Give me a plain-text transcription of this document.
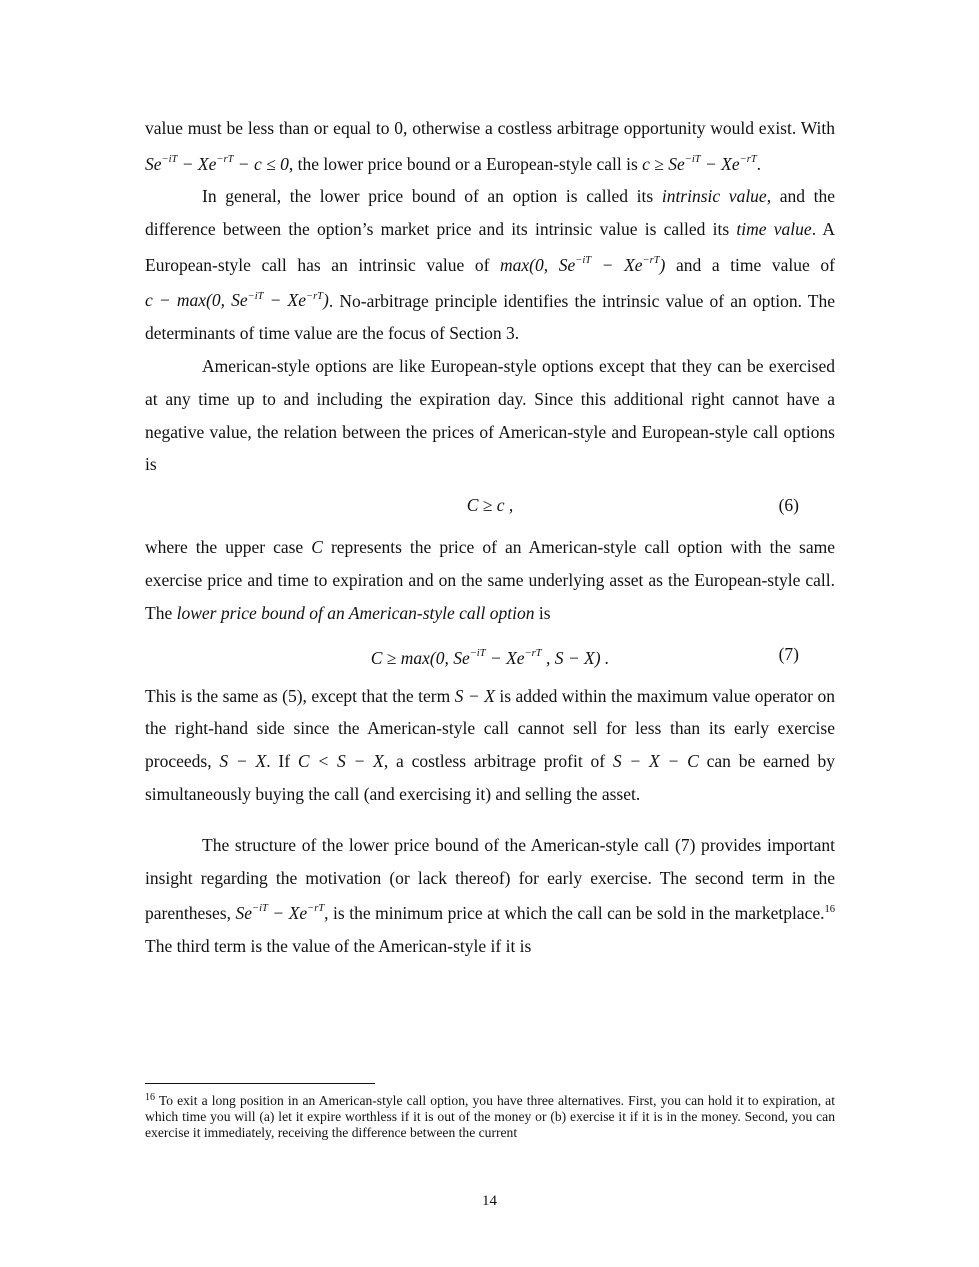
value must be less than or equal to 0, otherwise a costless arbitrage opportunity would exist. With $Se^{-iT} - Xe^{-rT} - c \le 0$, the lower price bound or a European-style call is $c \ge Se^{-iT} - Xe^{-rT}$.

In general, the lower price bound of an option is called its intrinsic value, and the difference between the option’s market price and its intrinsic value is called its time value. A European-style call has an intrinsic value of max(0, $Se^{-iT} - Xe^{-rT}$) and a time value of c − max(0, $Se^{-iT} - Xe^{-rT}$). No-arbitrage principle identifies the intrinsic value of an option. The determinants of time value are the focus of Section 3.

American-style options are like European-style options except that they can be exercised at any time up to and including the expiration day. Since this additional right cannot have a negative value, the relation between the prices of American-style and European-style call options is

C ≥ c ,	(6)

where the upper case C represents the price of an American-style call option with the same exercise price and time to expiration and on the same underlying asset as the European-style call. The lower price bound of an American-style call option is

C ≥ max(0, $Se^{-iT} - Xe^{-rT}$ , S − X) .	(7)

This is the same as (5), except that the term S − X is added within the maximum value operator on the right-hand side since the American-style call cannot sell for less than its early exercise proceeds, S − X. If C < S − X, a costless arbitrage profit of S − X − C can be earned by simultaneously buying the call (and exercising it) and selling the asset.

The structure of the lower price bound of the American-style call (7) provides important insight regarding the motivation (or lack thereof) for early exercise. The second term in the parentheses, $Se^{-iT} - Xe^{-rT}$, is the minimum price at which the call can be sold in the marketplace.$^{16}$ The third term is the value of the American-style if it is

$^{16}$ To exit a long position in an American-style call option, you have three alternatives. First, you can hold it to expiration, at which time you will (a) let it expire worthless if it is out of the money or (b) exercise it if it is in the money. Second, you can exercise it immediately, receiving the difference between the current
14
